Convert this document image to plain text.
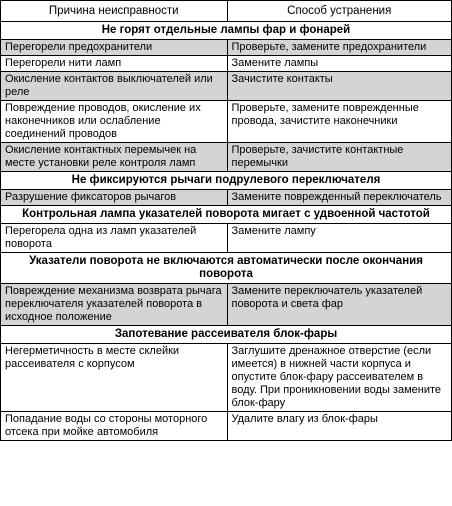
Причина неисправности	Способ устранения
Не горят отдельные лампы фар и фонарей	
Перегорели предохранители	Проверьте, замените предохранители
Перегорели нити ламп	Замените лампы
Окисление контактов выключателей или реле	Зачистите контакты
Повреждение проводов, окисление их наконечников или ослабление соединений проводов	Проверьте, замените поврежденные провода, зачистите наконечники
Окисление контактных перемычек на месте установки реле контроля ламп	Проверьте, зачистите контактные перемычки
Не фиксируются рычаги подрулевого переключателя	
Разрушение фиксаторов рычагов	Замените поврежденный переключатель
Контрольная лампа указателей поворота мигает с удвоенной частотой	
Перегорела одна из ламп указателей поворота	Замените лампу
Указатели поворота не включаются автоматически после окончания поворота	
Повреждение механизма возврата рычага переключателя указателей поворота в исходное положение	Замените переключатель указателей поворота и света фар
Запотевание рассеивателя блок-фары	
Негерметичность в месте склейки рассеивателя с корпусом	Заглушите дренажное отверстие (если имеется) в нижней части корпуса и опустите блок-фару рассеивателем в воду. При проникновении воды замените блок-фару
Попадание воды со стороны моторного отсека при мойке автомобиля	Удалите влагу из блок-фары
